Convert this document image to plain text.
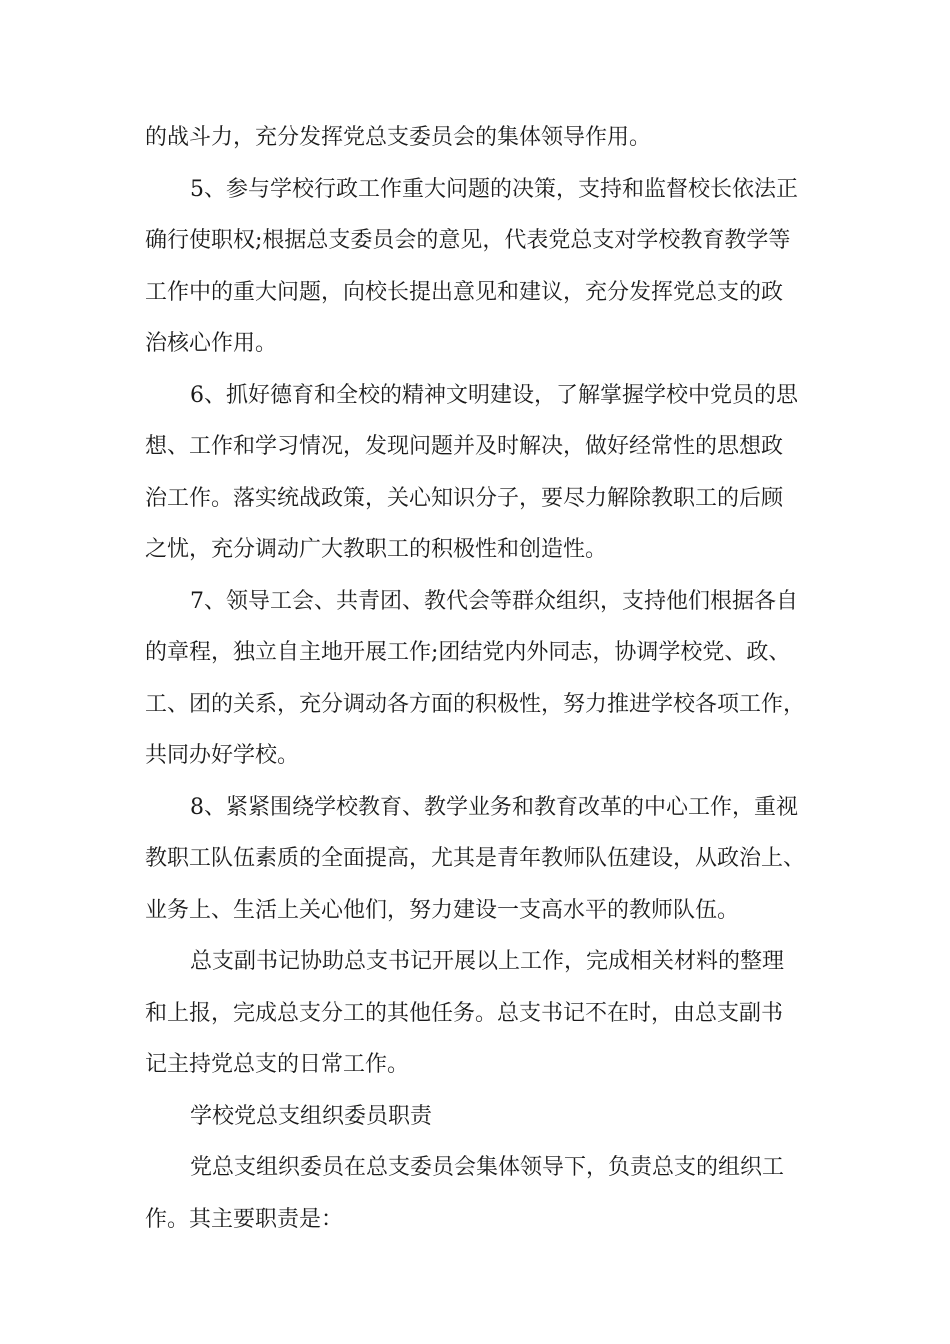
的战斗力，充分发挥党总支委员会的集体领导作用。
5、参与学校行政工作重大问题的决策，支持和监督校长依法正
确行使职权;根据总支委员会的意见，代表党总支对学校教育教学等
工作中的重大问题，向校长提出意见和建议，充分发挥党总支的政
治核心作用。
6、抓好德育和全校的精神文明建设，了解掌握学校中党员的思
想、工作和学习情况，发现问题并及时解决，做好经常性的思想政
治工作。落实统战政策，关心知识分子，要尽力解除教职工的后顾
之忧，充分调动广大教职工的积极性和创造性。
7、领导工会、共青团、教代会等群众组织，支持他们根据各自
的章程，独立自主地开展工作;团结党内外同志，协调学校党、政、
工、团的关系，充分调动各方面的积极性，努力推进学校各项工作，
共同办好学校。
8、紧紧围绕学校教育、教学业务和教育改革的中心工作，重视
教职工队伍素质的全面提高，尤其是青年教师队伍建设，从政治上、
业务上、生活上关心他们，努力建设一支高水平的教师队伍。
总支副书记协助总支书记开展以上工作，完成相关材料的整理
和上报，完成总支分工的其他任务。总支书记不在时，由总支副书
记主持党总支的日常工作。
学校党总支组织委员职责
党总支组织委员在总支委员会集体领导下，负责总支的组织工
作。其主要职责是：
